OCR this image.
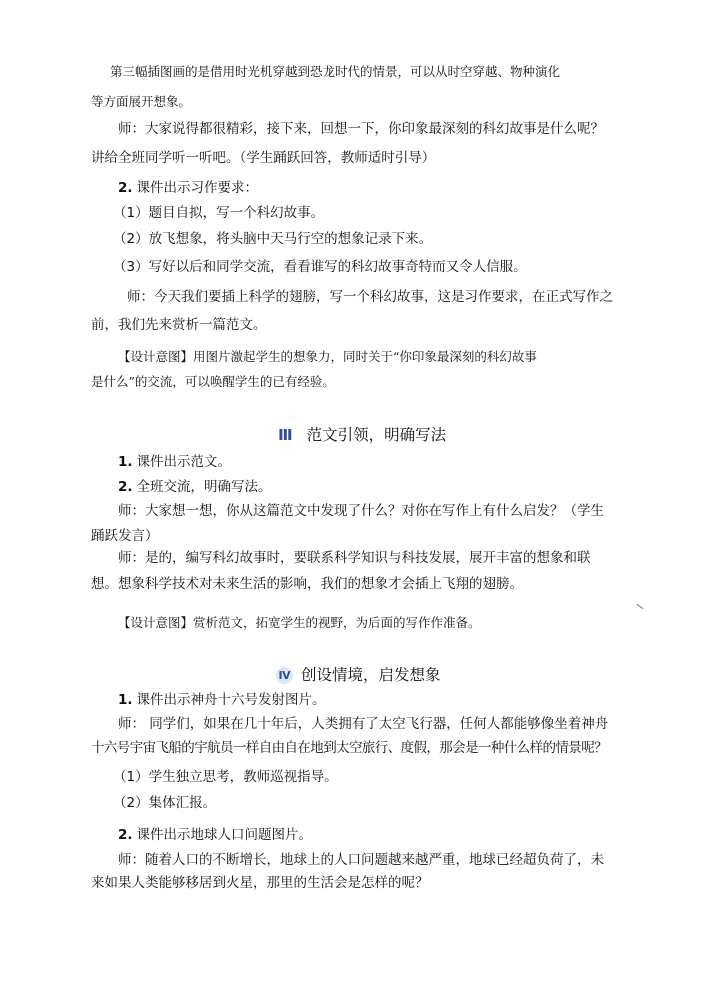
第三幅插图画的是借用时光机穿越到恐龙时代的情景，可以从时空穿越、物种演化
等方面展开想象。
师：大家说得都很精彩，接下来，回想一下，你印象最深刻的科幻故事是什么呢？
讲给全班同学听一听吧。（学生踊跃回答，教师适时引导）
2. 课件出示习作要求：
（1）题目自拟，写一个科幻故事。
（2）放飞想象，将头脑中天马行空的想象记录下来。
（3）写好以后和同学交流，看看谁写的科幻故事奇特而又令人信服。
师：今天我们要插上科学的翅膀，写一个科幻故事，这是习作要求，在正式写作之
前，我们先来赏析一篇范文。
【设计意图】用图片激起学生的想象力，同时关于“你印象最深刻的科幻故事
是什么”的交流，可以唤醒学生的已有经验。
Ⅲ 范文引领，明确写法
1. 课件出示范文。
2. 全班交流，明确写法。
师：大家想一想，你从这篇范文中发现了什么？对你在写作上有什么启发？（学生
踊跃发言）
师：是的，编写科幻故事时，要联系科学知识与科技发展，展开丰富的想象和联
想。想象科学技术对未来生活的影响，我们的想象才会插上飞翔的翅膀。
【设计意图】赏析范文，拓宽学生的视野，为后面的写作作准备。
Ⅳ 创设情境，启发想象
1. 课件出示神舟十六号发射图片。
师： 同学们，如果在几十年后，人类拥有了太空飞行器，任何人都能够像坐着神舟
十六号宇宙飞船的宇航员一样自由自在地到太空旅行、度假，那会是一种什么样的情景呢？
（1）学生独立思考，教师巡视指导。
（2）集体汇报。
2. 课件出示地球人口问题图片。
师：随着人口的不断增长，地球上的人口问题越来越严重，地球已经超负荷了，未
来如果人类能够移居到火星，那里的生活会是怎样的呢？
